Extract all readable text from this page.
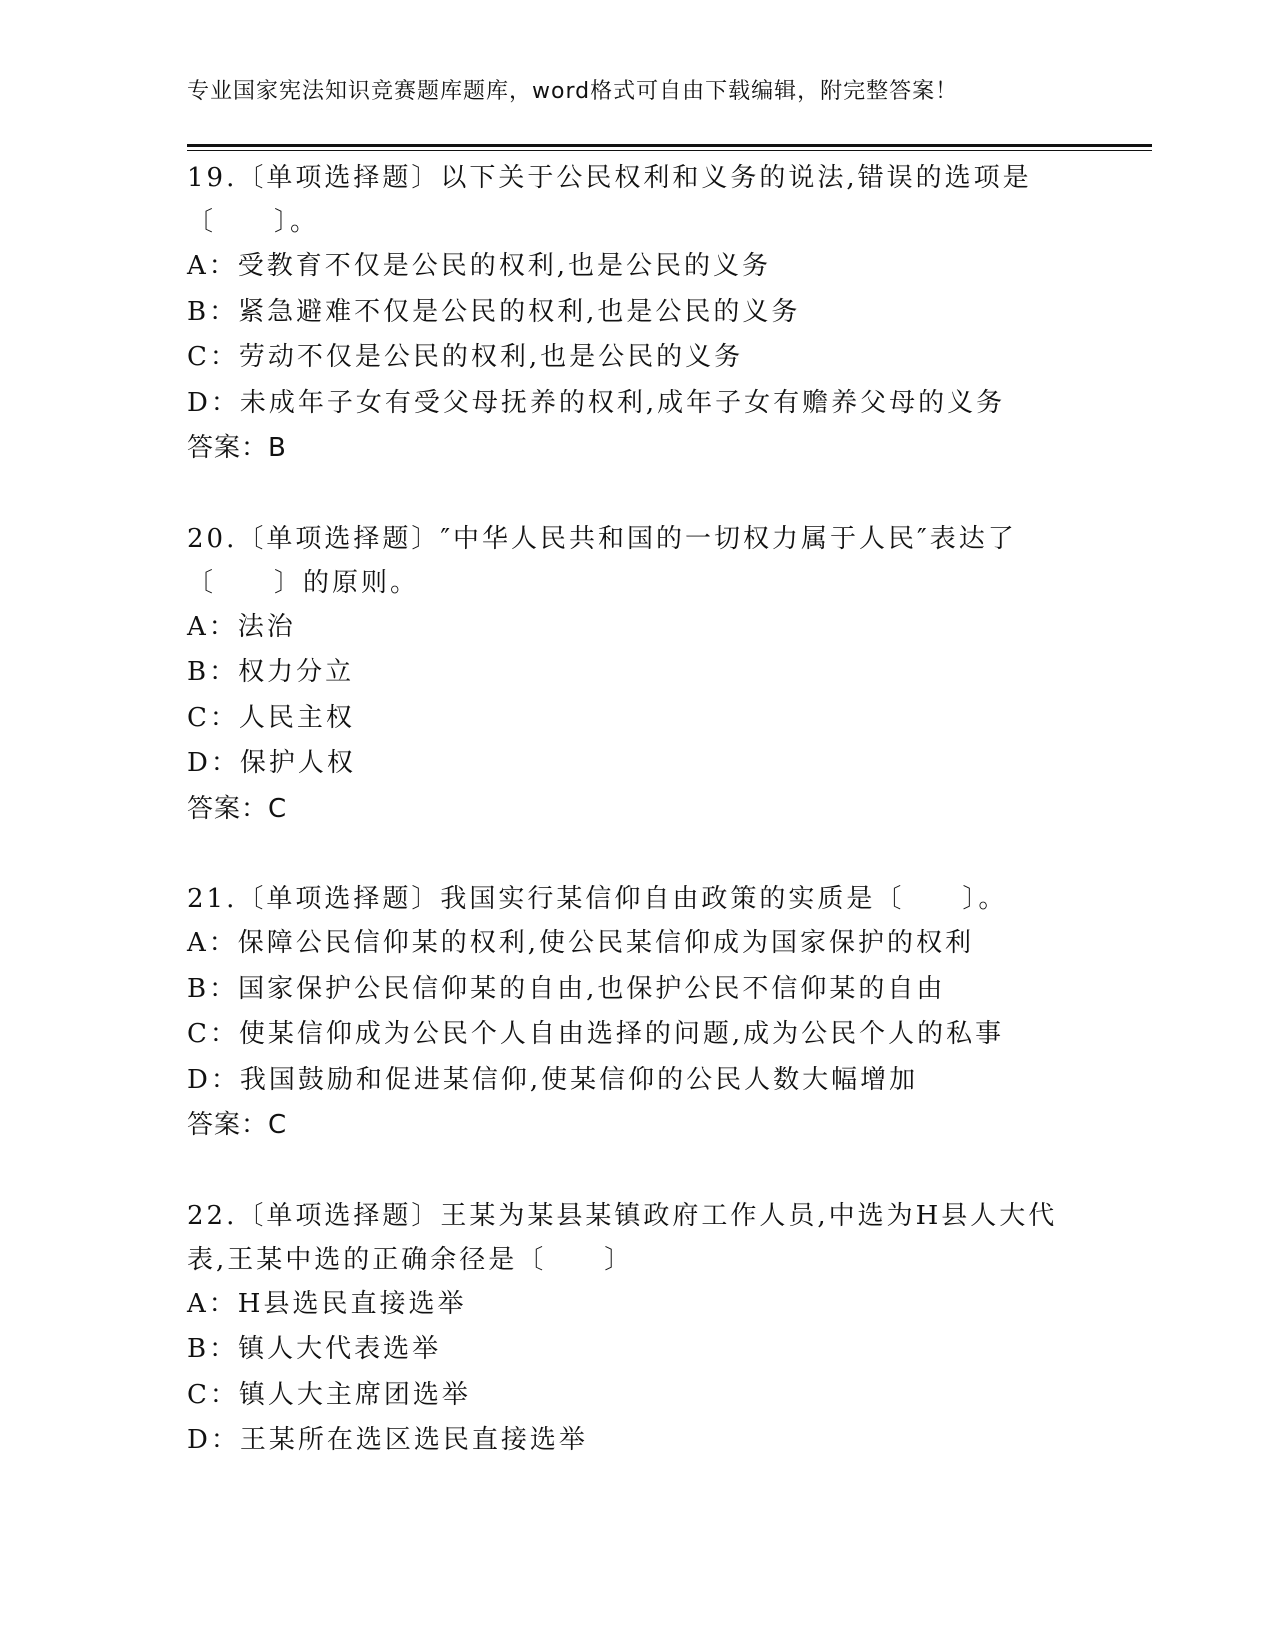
专业国家宪法知识竞赛题库题库，word格式可自由下载编辑，附完整答案！
19.〔单项选择题〕以下关于公民权利和义务的说法,错误的选项是〔　　〕。
A：受教育不仅是公民的权利,也是公民的义务
B：紧急避难不仅是公民的权利,也是公民的义务
C：劳动不仅是公民的权利,也是公民的义务
D：未成年子女有受父母抚养的权利,成年子女有赡养父母的义务
答案：B
20.〔单项选择题〕″中华人民共和国的一切权力属于人民″表达了〔　　〕的原则。
A：法治
B：权力分立
C：人民主权
D：保护人权
答案：C
21.〔单项选择题〕我国实行某信仰自由政策的实质是〔　　〕。
A：保障公民信仰某的权利,使公民某信仰成为国家保护的权利
B：国家保护公民信仰某的自由,也保护公民不信仰某的自由
C：使某信仰成为公民个人自由选择的问题,成为公民个人的私事
D：我国鼓励和促进某信仰,使某信仰的公民人数大幅增加
答案：C
22.〔单项选择题〕王某为某县某镇政府工作人员,中选为H县人大代表,王某中选的正确余径是〔　　〕
A：H县选民直接选举
B：镇人大代表选举
C：镇人大主席团选举
D：王某所在选区选民直接选举
